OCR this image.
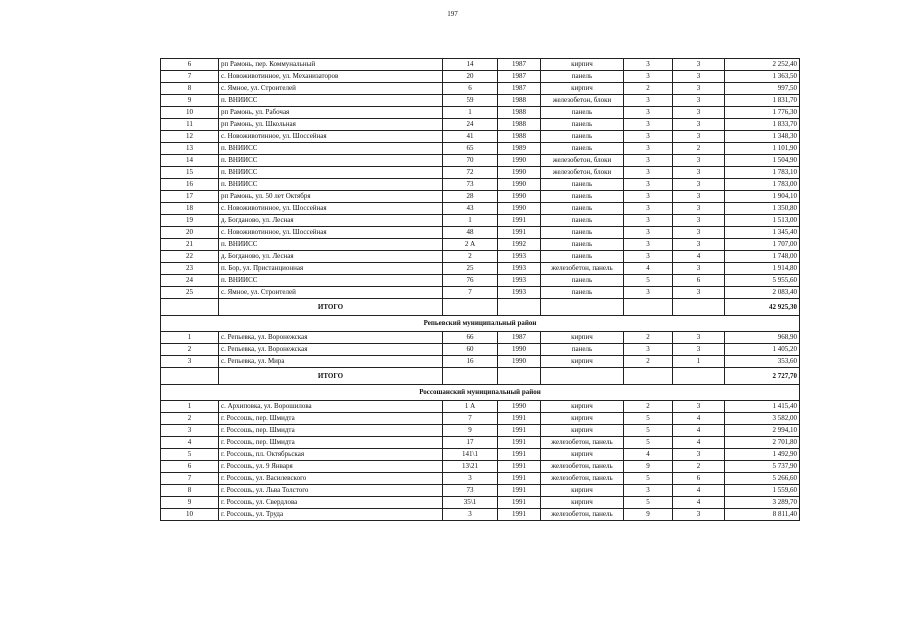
197
6	рп Рамонь, пер. Коммунальный	14	1987	кирпич	3	3	2 252,40
7	с. Новоживотинное, ул. Механизаторов	20	1987	панель	3	3	1 363,50
8	с. Ямное, ул. Строителей	6	1987	кирпич	2	3	997,50
9	п. ВНИИСС	59	1988	железобетон, блоки	3	3	1 831,70
10	рп Рамонь, ул. Рабочая	1	1988	панель	3	3	1 776,30
11	рп Рамонь, ул. Школьная	24	1988	панель	3	3	1 833,70
12	с. Новоживотинное, ул. Шоссейная	41	1988	панель	3	3	1 348,30
13	п. ВНИИСС	65	1989	панель	3	2	1 101,90
14	п. ВНИИСС	70	1990	железобетон, блоки	3	3	1 504,90
15	п. ВНИИСС	72	1990	железобетон, блоки	3	3	1 783,10
16	п. ВНИИСС	73	1990	панель	3	3	1 783,00
17	рп Рамонь, ул. 50 лет Октября	28	1990	панель	3	3	1 904,10
18	с. Новоживотинное, ул. Шоссейная	43	1990	панель	3	3	1 350,80
19	д. Богданово, ул. Лесная	1	1991	панель	3	3	1 513,00
20	с. Новоживотинное, ул. Шоссейная	48	1991	панель	3	3	1 345,40
21	п. ВНИИСС	2 А	1992	панель	3	3	1 707,00
22	д. Богданово, ул. Лесная	2	1993	панель	3	4	1 748,00
23	п. Бор, ул. Пристанционная	25	1993	железобетон, панель	4	3	1 914,80
24	п. ВНИИСС	76	1993	панель	5	6	5 955,60
25	с. Ямное, ул. Строителей	7	1993	панель	3	3	2 083,40
	ИТОГО						42 925,30
Репьевский муниципальный район							
1	с. Репьевка, ул. Воронежская	66	1987	кирпич	2	3	968,90
2	с. Репьевка, ул. Воронежская	60	1990	панель	3	3	1 405,20
3	с. Репьевка, ул. Мира	16	1990	кирпич	2	1	353,60
	ИТОГО						2 727,70
Россошанский муниципальный район							
1	с. Архиповка, ул. Ворошилова	1 А	1990	кирпич	2	3	1 415,40
2	г. Россошь, пер. Шмидта	7	1991	кирпич	5	4	3 582,00
3	г. Россошь, пер. Шмидта	9	1991	кирпич	5	4	2 994,10
4	г. Россошь, пер. Шмидта	17	1991	железобетон, панель	5	4	2 701,80
5	г. Россошь, пл. Октябрьская	141\1	1991	кирпич	4	3	1 492,90
6	г. Россошь, ул. 9 Января	13\21	1991	железобетон, панель	9	2	5 737,90
7	г. Россошь, ул. Василевского	3	1991	железобетон, панель	5	6	5 266,60
8	г. Россошь, ул. Льва Толстого	73	1991	кирпич	3	4	1 559,60
9	г. Россошь, ул. Свердлова	35\1	1991	кирпич	5	4	3 289,70
10	г. Россошь, ул. Труда	3	1991	железобетон, панель	9	3	8 811,40
